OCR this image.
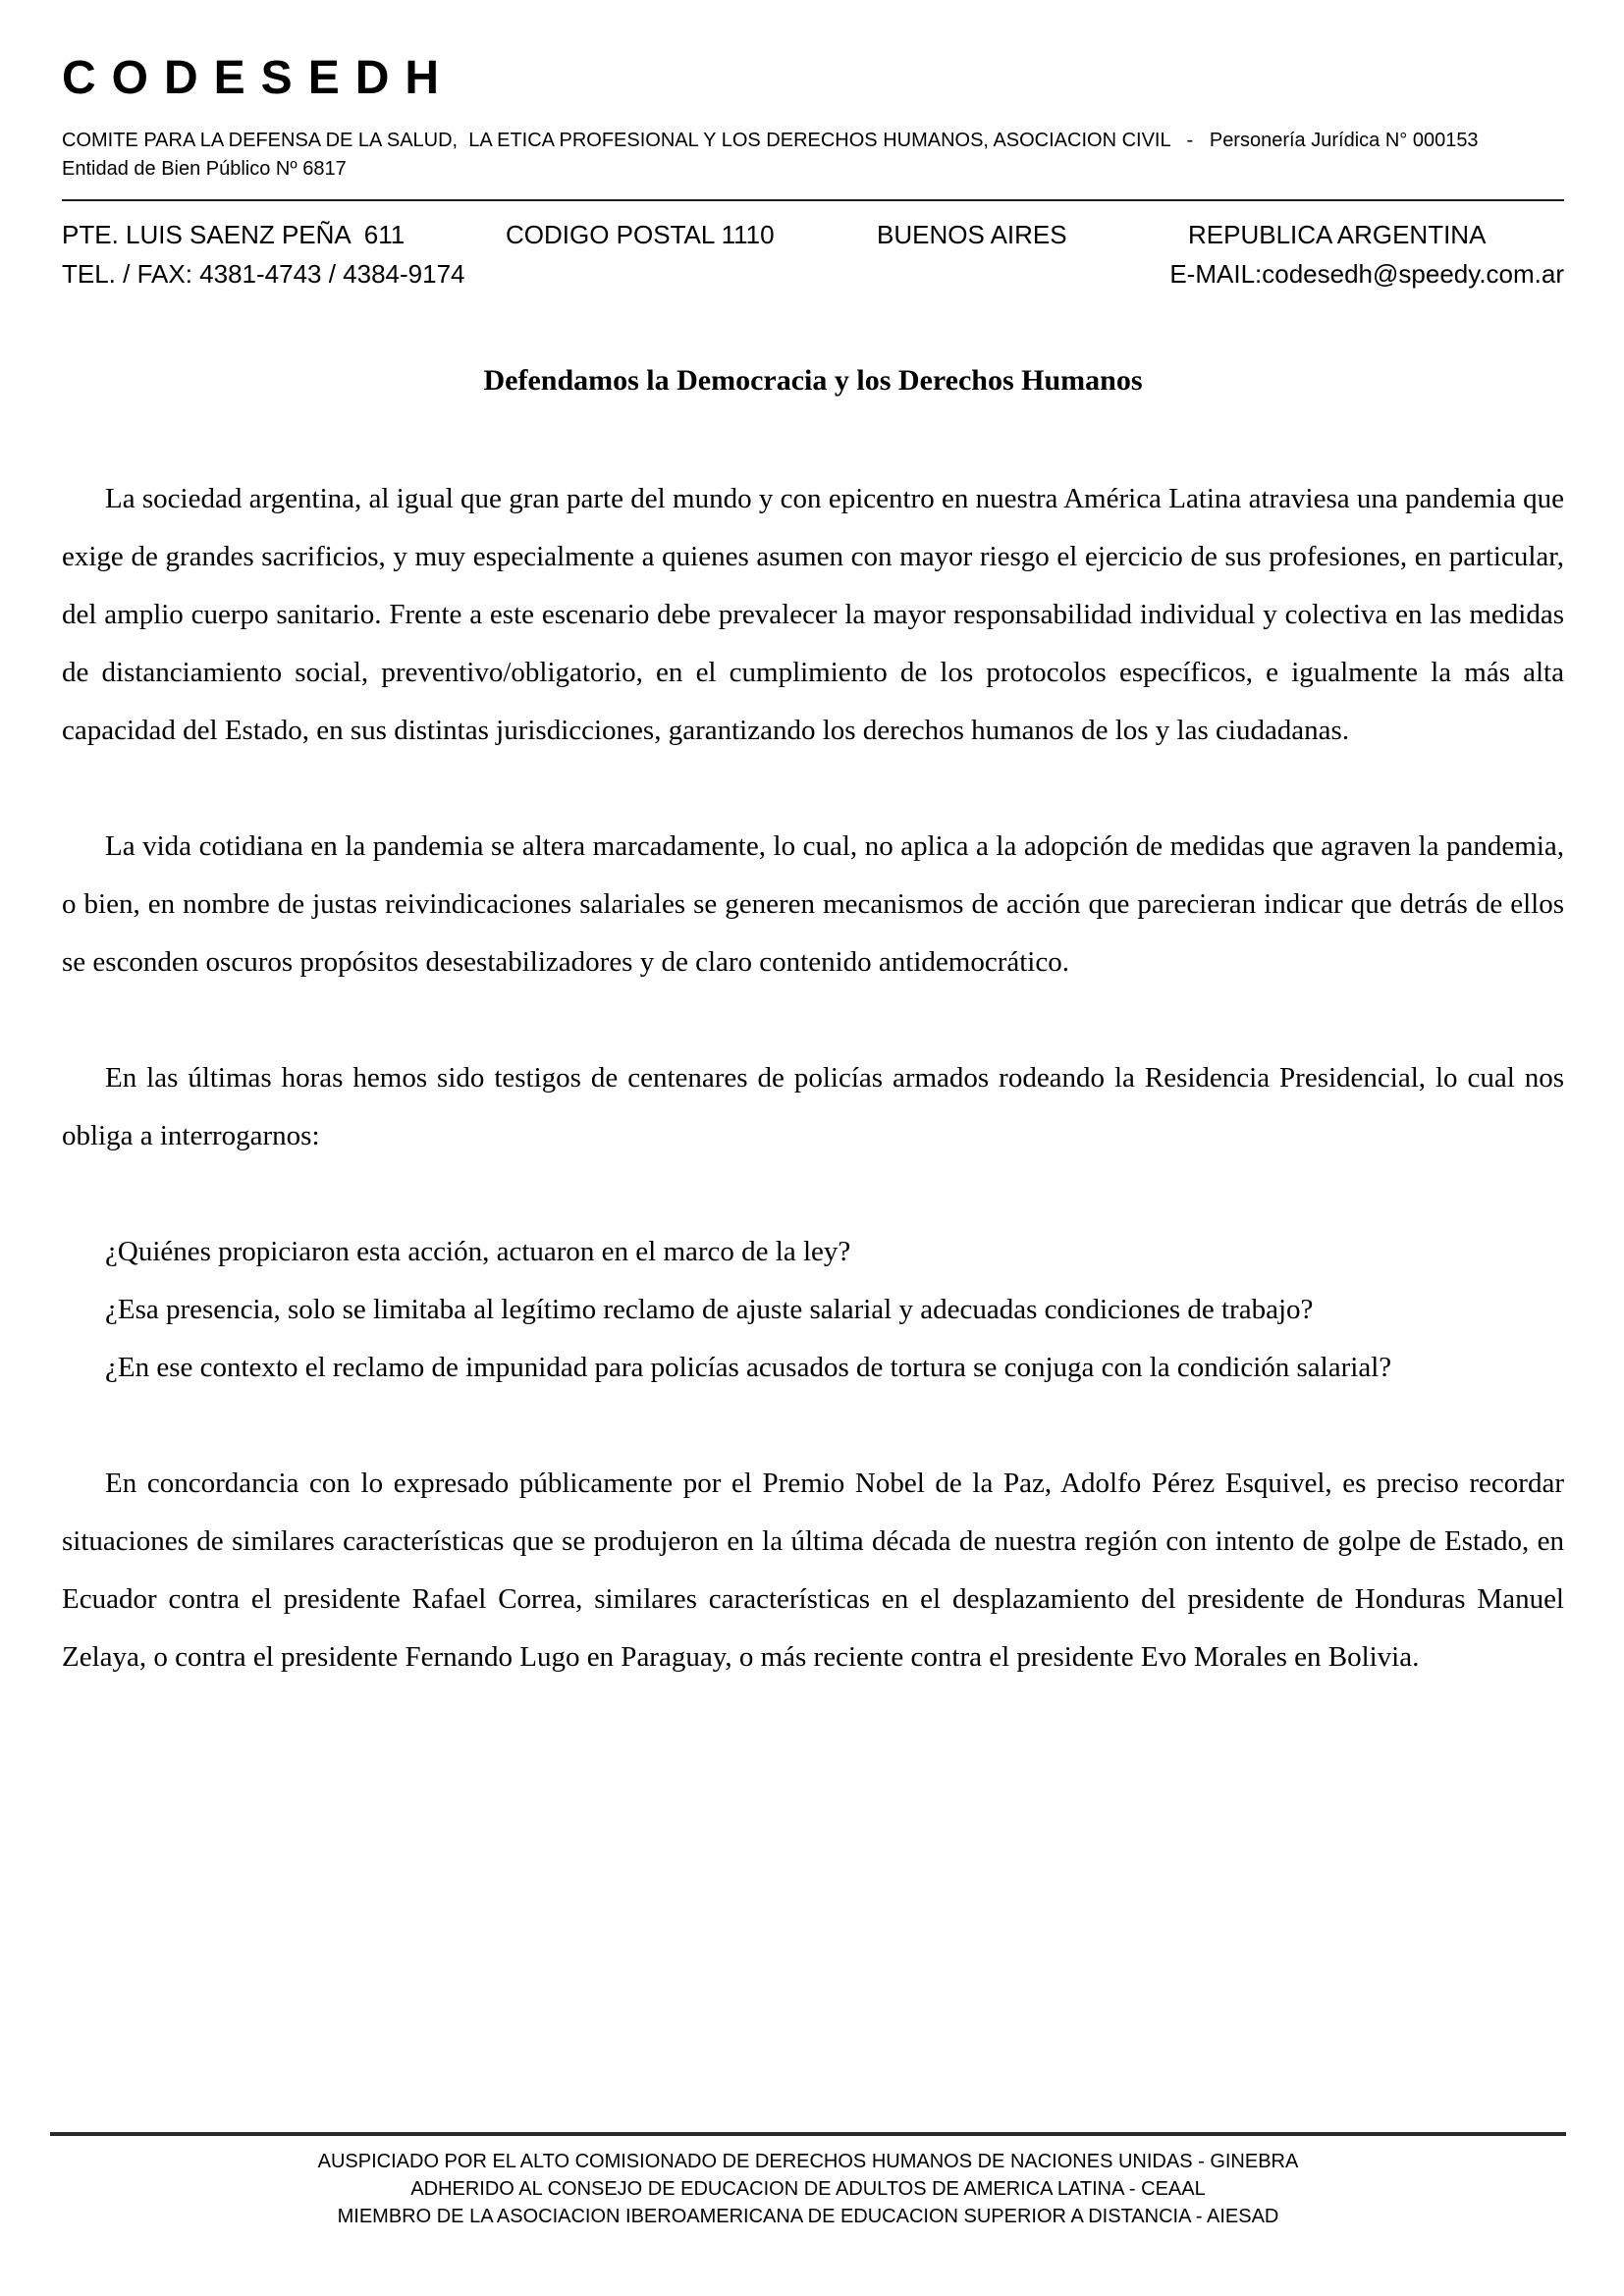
CODESEDH
COMITE PARA LA DEFENSA DE LA SALUD,  LA ETICA PROFESIONAL Y LOS DERECHOS HUMANOS, ASOCIACION CIVIL   -   Personería Jurídica N° 000153
Entidad de Bien Público Nº 6817

PTE. LUIS SAENZ PEÑA  611

	CODIGO POSTAL 1110

	BUENOS AIRES

	REPUBLICA ARGENTINA

TEL. / FAX: 4381-4743 / 4384-9174

	E-MAIL:codesedh@speedy.com.ar

Defendamos la Democracia y los Derechos Humanos

La sociedad argentina, al igual que gran parte del mundo y con epicentro en nuestra América Latina atraviesa una pandemia que exige de grandes sacrificios, y muy especialmente a quienes asumen con mayor riesgo el ejercicio de sus profesiones, en particular, del amplio cuerpo sanitario. Frente a este escenario debe prevalecer la mayor responsabilidad individual y colectiva en las medidas de distanciamiento social, preventivo/obligatorio, en el cumplimiento de los protocolos específicos, e igualmente la más alta capacidad del Estado, en sus distintas jurisdicciones, garantizando los derechos humanos de los y las ciudadanas.

La vida cotidiana en la pandemia se altera marcadamente, lo cual, no aplica a la adopción de medidas que agraven la pandemia, o bien, en nombre de justas reivindicaciones salariales se generen mecanismos de acción que parecieran indicar que detrás de ellos se esconden oscuros propósitos desestabilizadores y de claro contenido antidemocrático.

En las últimas horas hemos sido testigos de centenares de policías armados rodeando la Residencia Presidencial, lo cual nos obliga a interrogarnos:

¿Quiénes propiciaron esta acción, actuaron en el marco de la ley?

¿Esa presencia, solo se limitaba al legítimo reclamo de ajuste salarial y adecuadas condiciones de trabajo?

¿En ese contexto el reclamo de impunidad para policías acusados de tortura se conjuga con la condición salarial?

En concordancia con lo expresado públicamente por el Premio Nobel de la Paz, Adolfo Pérez Esquivel, es preciso recordar situaciones de similares características que se produjeron en la última década de nuestra región con intento de golpe de Estado, en Ecuador contra el presidente Rafael Correa, similares características en el desplazamiento del presidente de Honduras Manuel Zelaya, o contra el presidente Fernando Lugo en Paraguay, o más reciente contra el presidente Evo Morales en Bolivia.

AUSPICIADO POR EL ALTO COMISIONADO DE DERECHOS HUMANOS DE NACIONES UNIDAS - GINEBRA
ADHERIDO AL CONSEJO DE EDUCACION DE ADULTOS DE AMERICA LATINA - CEAAL
MIEMBRO DE LA ASOCIACION IBEROAMERICANA DE EDUCACION SUPERIOR A DISTANCIA - AIESAD
